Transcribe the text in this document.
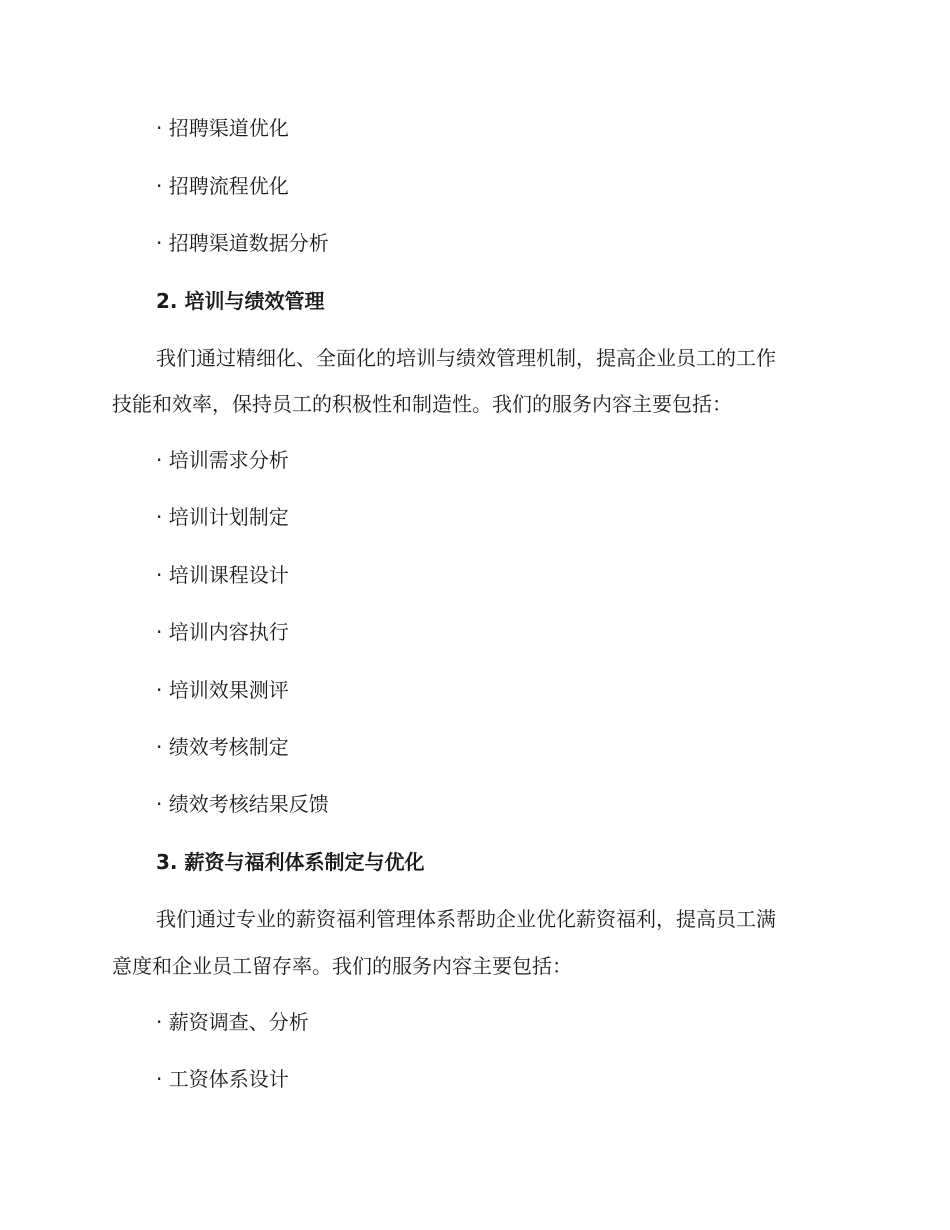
· 招聘渠道优化
· 招聘流程优化
· 招聘渠道数据分析
2. 培训与绩效管理
我们通过精细化、全面化的培训与绩效管理机制，提高企业员工的工作
技能和效率，保持员工的积极性和制造性。我们的服务内容主要包括：
· 培训需求分析
· 培训计划制定
· 培训课程设计
· 培训内容执行
· 培训效果测评
· 绩效考核制定
· 绩效考核结果反馈
3. 薪资与福利体系制定与优化
我们通过专业的薪资福利管理体系帮助企业优化薪资福利，提高员工满
意度和企业员工留存率。我们的服务内容主要包括：
· 薪资调查、分析
· 工资体系设计
